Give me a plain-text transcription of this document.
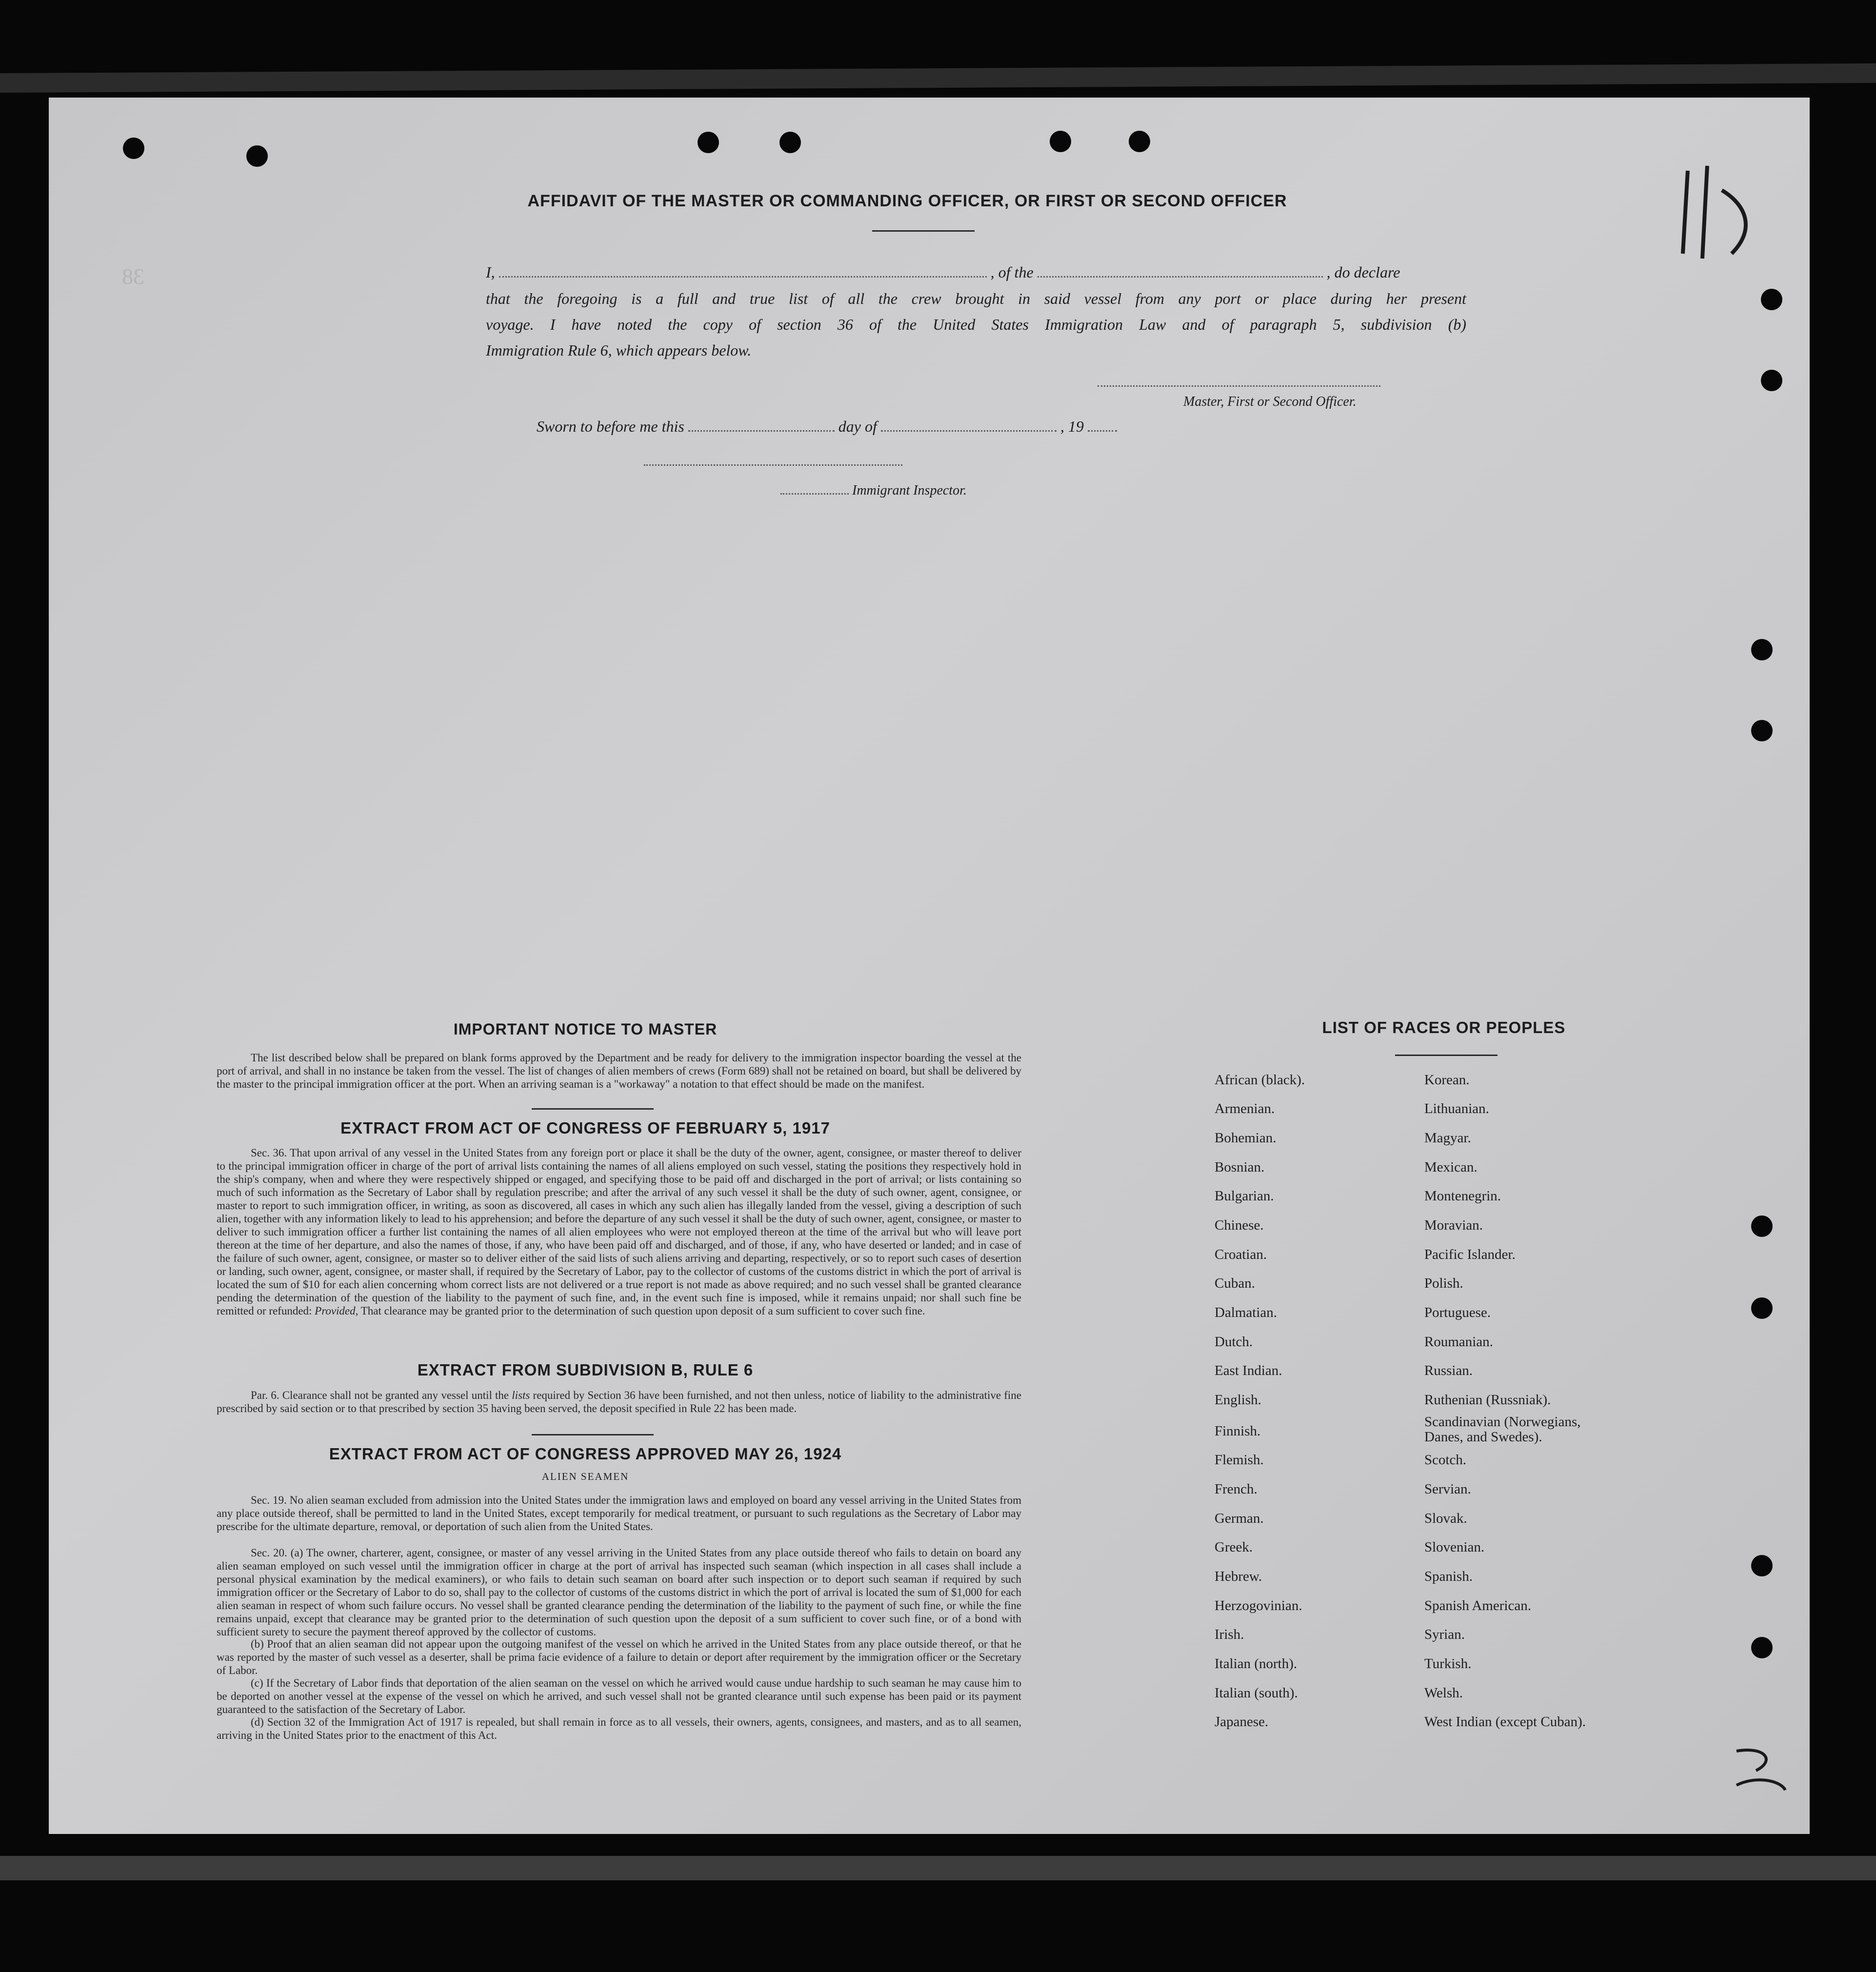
38
AFFIDAVIT OF THE MASTER OR COMMANDING OFFICER, OR FIRST OR SECOND OFFICER
I,	, of the	, do declare
that the foregoing is a full and true list of all the crew brought in said vessel from any port or place during her present
voyage. I have noted the copy of section 36 of the United States Immigration Law and of paragraph 5, subdivision (b)
Immigration Rule 6, which appears below.
Master, First or Second Officer.
Sworn to before me this	day of	, 19
Immigrant Inspector.
IMPORTANT NOTICE TO MASTER
The list described below shall be prepared on blank forms approved by the Department and be ready for delivery to the immigration inspector boarding the vessel at the port of arrival, and shall in no instance be taken from the vessel. The list of changes of alien members of crews (Form 689) shall not be retained on board, but shall be delivered by the master to the principal immigration officer at the port. When an arriving seaman is a "workaway" a notation to that effect should be made on the manifest.
EXTRACT FROM ACT OF CONGRESS OF FEBRUARY 5, 1917
Sec. 36. That upon arrival of any vessel in the United States from any foreign port or place it shall be the duty of the owner, agent, consignee, or master thereof to deliver to the principal immigration officer in charge of the port of arrival lists containing the names of all aliens employed on such vessel, stating the positions they respectively hold in the ship's company, when and where they were respectively shipped or engaged, and specifying those to be paid off and discharged in the port of arrival; or lists containing so much of such information as the Secretary of Labor shall by regulation prescribe; and after the arrival of any such vessel it shall be the duty of such owner, agent, consignee, or master to report to such immigration officer, in writing, as soon as discovered, all cases in which any such alien has illegally landed from the vessel, giving a description of such alien, together with any information likely to lead to his apprehension; and before the departure of any such vessel it shall be the duty of such owner, agent, consignee, or master to deliver to such immigration officer a further list containing the names of all alien employees who were not employed thereon at the time of the arrival but who will leave port thereon at the time of her departure, and also the names of those, if any, who have been paid off and discharged, and of those, if any, who have deserted or landed; and in case of the failure of such owner, agent, consignee, or master so to deliver either of the said lists of such aliens arriving and departing, respectively, or so to report such cases of desertion or landing, such owner, agent, consignee, or master shall, if required by the Secretary of Labor, pay to the collector of customs of the customs district in which the port of arrival is located the sum of $10 for each alien concerning whom correct lists are not delivered or a true report is not made as above required; and no such vessel shall be granted clearance pending the determination of the question of the liability to the payment of such fine, and, in the event such fine is imposed, while it remains unpaid; nor shall such fine be remitted or refunded: Provided, That clearance may be granted prior to the determination of such question upon deposit of a sum sufficient to cover such fine.
EXTRACT FROM SUBDIVISION B, RULE 6
Par. 6. Clearance shall not be granted any vessel until the lists required by Section 36 have been furnished, and not then unless, notice of liability to the administrative fine prescribed by said section or to that prescribed by section 35 having been served, the deposit specified in Rule 22 has been made.
EXTRACT FROM ACT OF CONGRESS APPROVED MAY 26, 1924
ALIEN SEAMEN
Sec. 19. No alien seaman excluded from admission into the United States under the immigration laws and employed on board any vessel arriving in the United States from any place outside thereof, shall be permitted to land in the United States, except temporarily for medical treatment, or pursuant to such regulations as the Secretary of Labor may prescribe for the ultimate departure, removal, or deportation of such alien from the United States.
Sec. 20. (a) The owner, charterer, agent, consignee, or master of any vessel arriving in the United States from any place outside thereof who fails to detain on board any alien seaman employed on such vessel until the immigration officer in charge at the port of arrival has inspected such seaman (which inspection in all cases shall include a personal physical examination by the medical examiners), or who fails to detain such seaman on board after such inspection or to deport such seaman if required by such immigration officer or the Secretary of Labor to do so, shall pay to the collector of customs of the customs district in which the port of arrival is located the sum of $1,000 for each alien seaman in respect of whom such failure occurs. No vessel shall be granted clearance pending the determination of the liability to the payment of such fine, or while the fine remains unpaid, except that clearance may be granted prior to the determination of such question upon the deposit of a sum sufficient to cover such fine, or of a bond with sufficient surety to secure the payment thereof approved by the collector of customs.
(b) Proof that an alien seaman did not appear upon the outgoing manifest of the vessel on which he arrived in the United States from any place outside thereof, or that he was reported by the master of such vessel as a deserter, shall be prima facie evidence of a failure to detain or deport after requirement by the immigration officer or the Secretary of Labor.
(c) If the Secretary of Labor finds that deportation of the alien seaman on the vessel on which he arrived would cause undue hardship to such seaman he may cause him to be deported on another vessel at the expense of the vessel on which he arrived, and such vessel shall not be granted clearance until such expense has been paid or its payment guaranteed to the satisfaction of the Secretary of Labor.
(d) Section 32 of the Immigration Act of 1917 is repealed, but shall remain in force as to all vessels, their owners, agents, consignees, and masters, and as to all seamen, arriving in the United States prior to the enactment of this Act.
LIST OF RACES OR PEOPLES
African (black).
Armenian.
Bohemian.
Bosnian.
Bulgarian.
Chinese.
Croatian.
Cuban.
Dalmatian.
Dutch.
East Indian.
English.
Finnish.
Flemish.
French.
German.
Greek.
Hebrew.
Herzogovinian.
Irish.
Italian (north).
Italian (south).
Japanese.
Korean.
Lithuanian.
Magyar.
Mexican.
Montenegrin.
Moravian.
Pacific Islander.
Polish.
Portuguese.
Roumanian.
Russian.
Ruthenian (Russniak).
Scandinavian (Norwegians, Danes, and Swedes).
Scotch.
Servian.
Slovak.
Slovenian.
Spanish.
Spanish American.
Syrian.
Turkish.
Welsh.
West Indian (except Cuban).
